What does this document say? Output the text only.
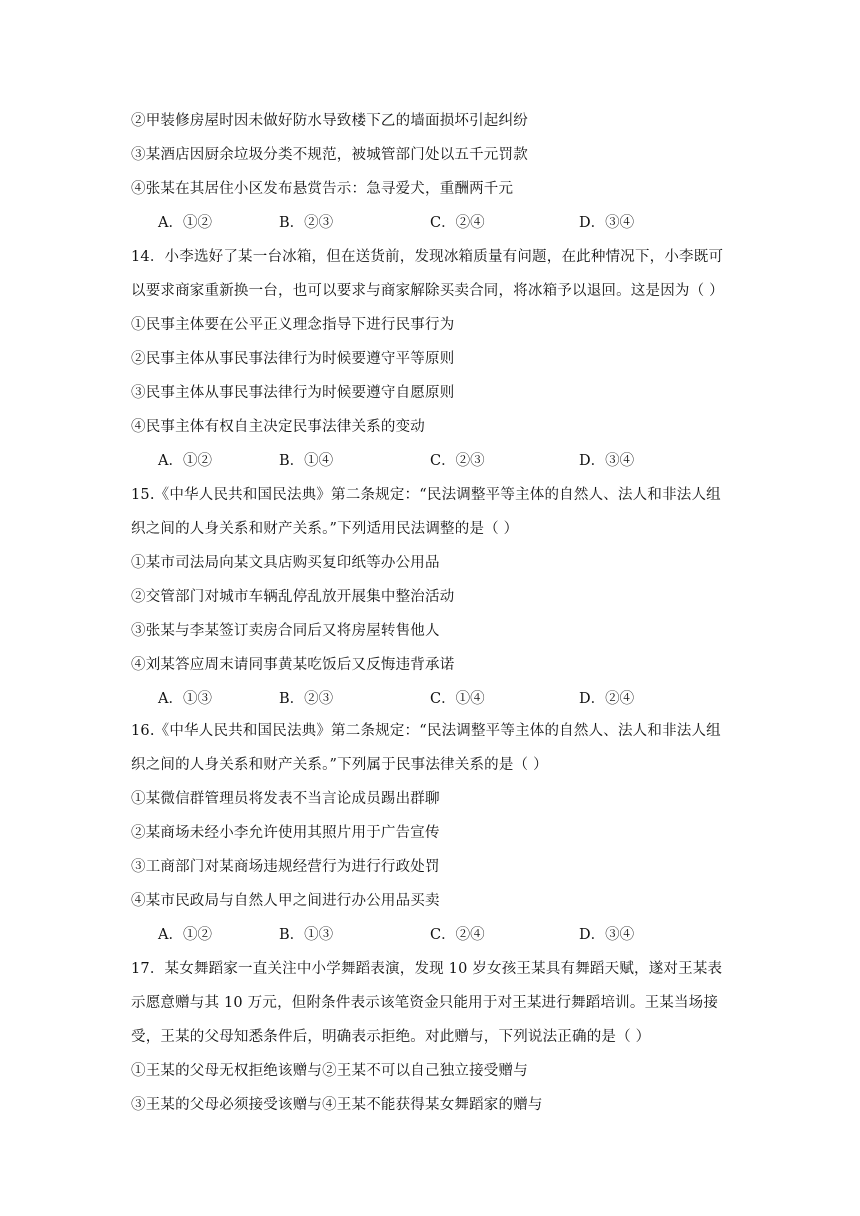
②甲装修房屋时因未做好防水导致楼下乙的墙面损坏引起纠纷
③某酒店因厨余垃圾分类不规范，被城管部门处以五千元罚款
④张某在其居住小区发布悬赏告示：急寻爱犬，重酬两千元
A．①②	B．②③	C．②④	D．③④
14．小李选好了某一台冰箱，但在送货前，发现冰箱质量有问题，在此种情况下，小李既可
以要求商家重新换一台，也可以要求与商家解除买卖合同，将冰箱予以退回。这是因为（ ）
①民事主体要在公平正义理念指导下进行民事行为
②民事主体从事民事法律行为时候要遵守平等原则
③民事主体从事民事法律行为时候要遵守自愿原则
④民事主体有权自主决定民事法律关系的变动
A．①②	B．①④	C．②③	D．③④
15.《中华人民共和国民法典》第二条规定：“民法调整平等主体的自然人、法人和非法人组
织之间的人身关系和财产关系。”下列适用民法调整的是（ ）
①某市司法局向某文具店购买复印纸等办公用品
②交管部门对城市车辆乱停乱放开展集中整治活动
③张某与李某签订卖房合同后又将房屋转售他人
④刘某答应周末请同事黄某吃饭后又反悔违背承诺
A．①③	B．②③	C．①④	D．②④
16.《中华人民共和国民法典》第二条规定：“民法调整平等主体的自然人、法人和非法人组
织之间的人身关系和财产关系。”下列属于民事法律关系的是（ ）
①某微信群管理员将发表不当言论成员踢出群聊
②某商场未经小李允许使用其照片用于广告宣传
③工商部门对某商场违规经营行为进行行政处罚
④某市民政局与自然人甲之间进行办公用品买卖
A．①②	B．①③	C．②④	D．③④
17．某女舞蹈家一直关注中小学舞蹈表演，发现 10 岁女孩王某具有舞蹈天赋，遂对王某表
示愿意赠与其 10 万元，但附条件表示该笔资金只能用于对王某进行舞蹈培训。王某当场接
受，王某的父母知悉条件后，明确表示拒绝。对此赠与，下列说法正确的是（ ）
①王某的父母无权拒绝该赠与②王某不可以自己独立接受赠与
③王某的父母必须接受该赠与④王某不能获得某女舞蹈家的赠与
